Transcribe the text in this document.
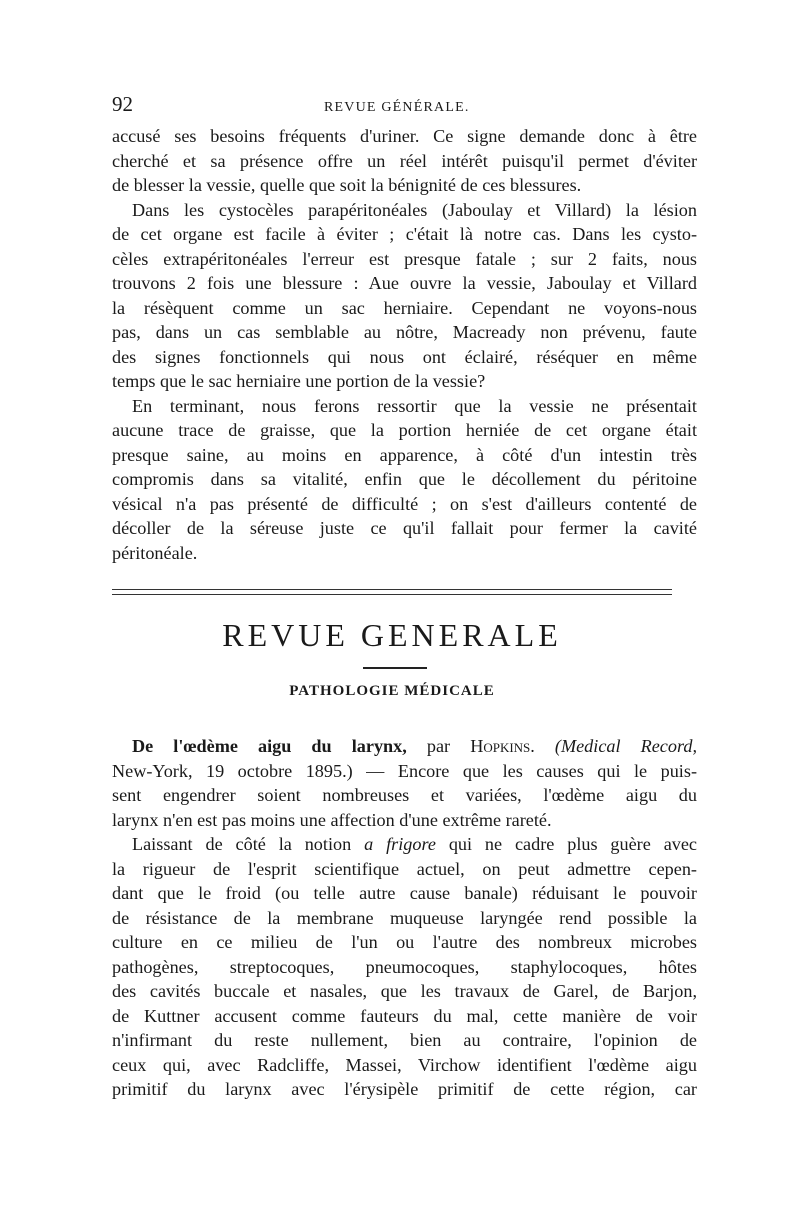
92	REVUE GÉNÉRALE.
accusé ses besoins fréquents d'uriner. Ce signe demande donc à être
cherché et sa présence offre un réel intérêt puisqu'il permet d'éviter
de blesser la vessie, quelle que soit la bénignité de ces blessures.
Dans les cystocèles parapéritonéales (Jaboulay et Villard) la lésion
de cet organe est facile à éviter ; c'était là notre cas. Dans les cysto-
cèles extrapéritonéales l'erreur est presque fatale ; sur 2 faits, nous
trouvons 2 fois une blessure : Aue ouvre la vessie, Jaboulay et Villard
la résèquent comme un sac herniaire. Cependant ne voyons-nous
pas, dans un cas semblable au nôtre, Macready non prévenu, faute
des signes fonctionnels qui nous ont éclairé, réséquer en même
temps que le sac herniaire une portion de la vessie?
En terminant, nous ferons ressortir que la vessie ne présentait
aucune trace de graisse, que la portion herniée de cet organe était
presque saine, au moins en apparence, à côté d'un intestin très
compromis dans sa vitalité, enfin que le décollement du péritoine
vésical n'a pas présenté de difficulté ; on s'est d'ailleurs contenté de
décoller de la séreuse juste ce qu'il fallait pour fermer la cavité
péritonéale.
REVUE GENERALE
PATHOLOGIE MÉDICALE
De l'œdème aigu du larynx, par Hopkins. (Medical Record,
New-York, 19 octobre 1895.) — Encore que les causes qui le puis-
sent engendrer soient nombreuses et variées, l'œdème aigu du
larynx n'en est pas moins une affection d'une extrême rareté.
Laissant de côté la notion a frigore qui ne cadre plus guère avec
la rigueur de l'esprit scientifique actuel, on peut admettre cepen-
dant que le froid (ou telle autre cause banale) réduisant le pouvoir
de résistance de la membrane muqueuse laryngée rend possible la
culture en ce milieu de l'un ou l'autre des nombreux microbes
pathogènes, streptocoques, pneumocoques, staphylocoques, hôtes
des cavités buccale et nasales, que les travaux de Garel, de Barjon,
de Kuttner accusent comme fauteurs du mal, cette manière de voir
n'infirmant du reste nullement, bien au contraire, l'opinion de
ceux qui, avec Radcliffe, Massei, Virchow identifient l'œdème aigu
primitif du larynx avec l'érysipèle primitif de cette région, car
